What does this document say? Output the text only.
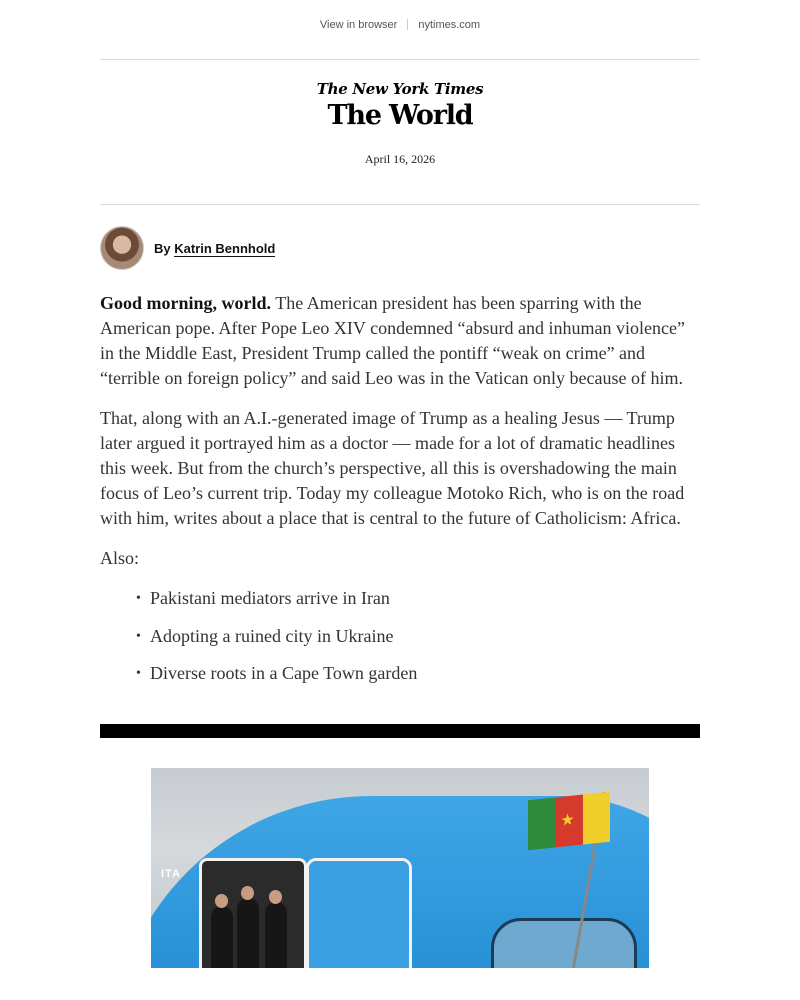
View in browser nytimes.com
The New York Times
The World
April 16, 2026
By Katrin Bennhold

Good morning, world. The American president has been sparring with the American pope. After Pope Leo XIV condemned “absurd and inhuman violence” in the Middle East, President Trump called the pontiff “weak on crime” and “terrible on foreign policy” and said Leo was in the Vatican only because of him.

That, along with an A.I.-generated image of Trump as a healing Jesus — Trump later argued it portrayed him as a doctor — made for a lot of dramatic headlines this week. But from the church’s perspective, all this is overshadowing the main focus of Leo’s current trip. Today my colleague Motoko Rich, who is on the road with him, writes about a place that is central to the future of Catholicism: Africa.

Also:

• Pakistani mediators arrive in Iran
• Adopting a ruined city in Ukraine
• Diverse roots in a Cape Town garden
ITA
★
